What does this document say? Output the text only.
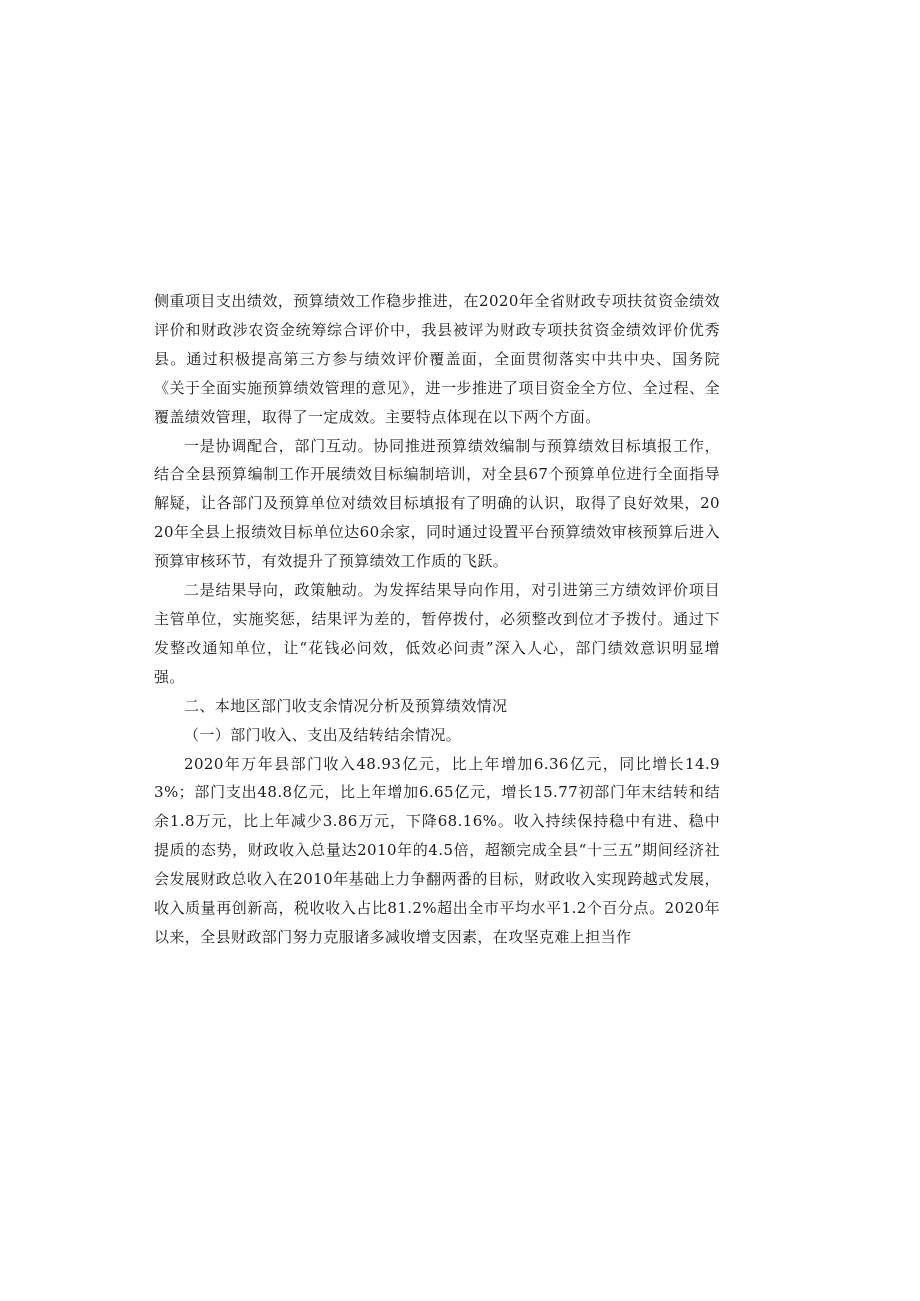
侧重项目支出绩效，预算绩效工作稳步推进，在2020年全省财政专项扶贫资金绩效评价和财政涉农资金统筹综合评价中，我县被评为财政专项扶贫资金绩效评价优秀县。通过积极提高第三方参与绩效评价覆盖面，全面贯彻落实中共中央、国务院《关于全面实施预算绩效管理的意见》，进一步推进了项目资金全方位、全过程、全覆盖绩效管理，取得了一定成效。主要特点体现在以下两个方面。

一是协调配合，部门互动。协同推进预算绩效编制与预算绩效目标填报工作，结合全县预算编制工作开展绩效目标编制培训，对全县67个预算单位进行全面指导解疑，让各部门及预算单位对绩效目标填报有了明确的认识，取得了良好效果，2020年全县上报绩效目标单位达60余家，同时通过设置平台预算绩效审核预算后进入预算审核环节，有效提升了预算绩效工作质的飞跃。

二是结果导向，政策触动。为发挥结果导向作用，对引进第三方绩效评价项目主管单位，实施奖惩，结果评为差的，暂停拨付，必须整改到位才予拨付。通过下发整改通知单位，让“花钱必问效，低效必问责”深入人心，部门绩效意识明显增强。

二、本地区部门收支余情况分析及预算绩效情况

（一）部门收入、支出及结转结余情况。

2020年万年县部门收入48.93亿元，比上年增加6.36亿元，同比增长14.93%；部门支出48.8亿元，比上年增加6.65亿元，增长15.77初部门年末结转和结余1.8万元，比上年减少3.86万元，下降68.16%。收入持续保持稳中有进、稳中提质的态势，财政收入总量达2010年的4.5倍，超额完成全县“十三五”期间经济社会发展财政总收入在2010年基础上力争翻两番的目标，财政收入实现跨越式发展，收入质量再创新高，税收收入占比81.2%超出全市平均水平1.2个百分点。2020年以来，全县财政部门努力克服诸多减收增支因素，在攻坚克难上担当作
